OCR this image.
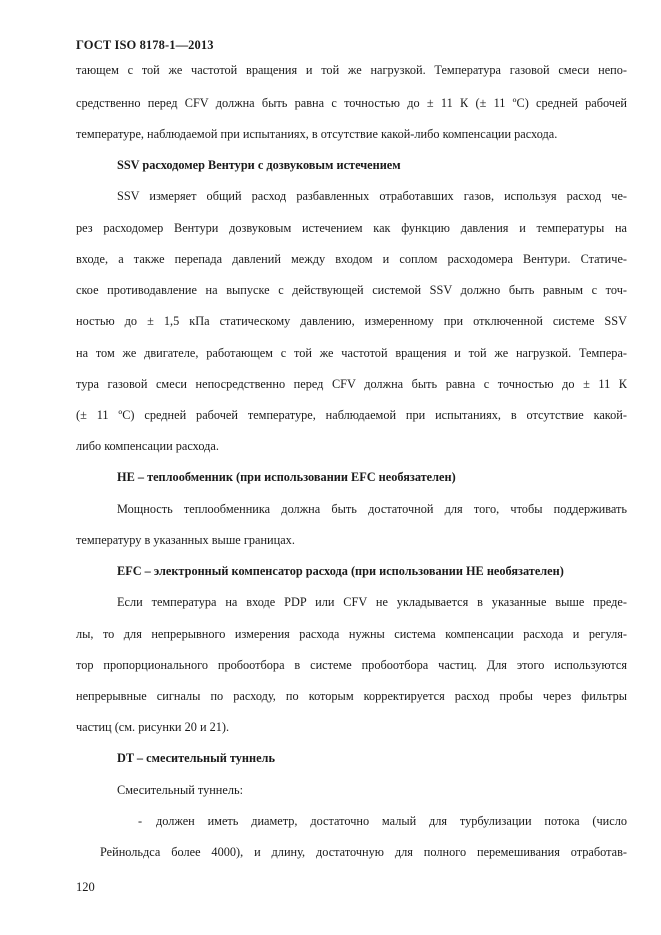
ГОСТ ISO 8178-1—2013
тающем с той же частотой вращения и той же нагрузкой. Температура газовой смеси непо-
средственно перед CFV должна быть равна с точностью до ± 11 К (± 11 ºС) средней рабочей
температуре, наблюдаемой при испытаниях, в отсутствие какой-либо компенсации расхода.
SSV расходомер Вентури с дозвуковым истечением
SSV измеряет общий расход разбавленных отработавших газов, используя расход че-
рез расходомер Вентури дозвуковым истечением как функцию давления и температуры на
входе, а также перепада давлений между входом и соплом расходомера Вентури. Статиче-
ское противодавление на выпуске с действующей системой SSV должно быть равным с точ-
ностью до ± 1,5 кПа статическому давлению, измеренному при отключенной системе SSV
на том же двигателе, работающем с той же частотой вращения и той же нагрузкой. Темпера-
тура газовой смеси непосредственно перед CFV должна быть равна с точностью до ± 11 К
(± 11 ºС) средней рабочей температуре, наблюдаемой при испытаниях, в отсутствие какой-
либо компенсации расхода.
HE – теплообменник (при использовании EFC необязателен)
Мощность теплообменника должна быть достаточной для того, чтобы поддерживать
температуру в указанных выше границах.
EFC – электронный компенсатор расхода (при использовании HE необязателен)
Если температура на входе PDP или CFV не укладывается в указанные выше преде-
лы, то для непрерывного измерения расхода нужны система компенсации расхода и регуля-
тор пропорционального пробоотбора в системе пробоотбора частиц. Для этого используются
непрерывные сигналы по расходу, по которым корректируется расход пробы через фильтры
частиц (см. рисунки 20 и 21).
DT – смесительный туннель
Смесительный туннель:
-	должен иметь диаметр, достаточно малый для турбулизации потока (число
Рейнольдса более 4000), и длину, достаточную для полного перемешивания отработав-
120
